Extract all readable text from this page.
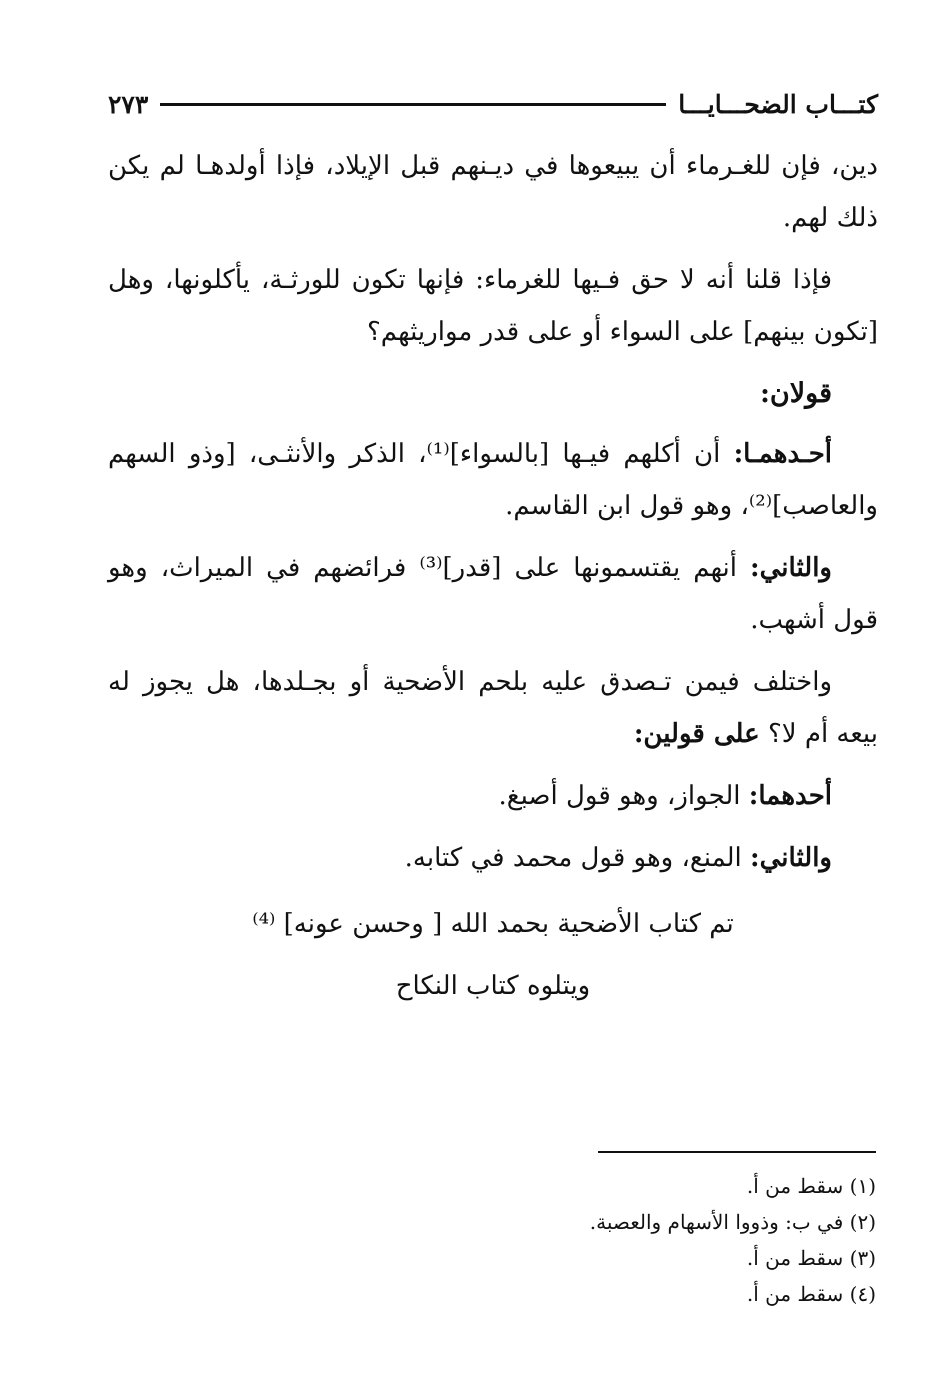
كتـــاب الضحـــايـــا
٢٧٣

دين، فإن للغـرماء أن يبيعوها في ديـنهم قبل الإيلاد، فإذا أولدهـا لم يكن ذلك لهم.

فإذا قلنا أنه لا حق فـيها للغرماء: فإنها تكون للورثـة، يأكلونها، وهل [تكون بينهم] على السواء أو على قدر مواريثهم؟

قولان:

أحـدهمـا: أن أكلهم فيـها [بالسواء]⁽¹⁾، الذكر والأنثـى، [وذو السهم والعاصب]⁽²⁾، وهو قول ابن القاسم.

والثاني: أنهم يقتسمونها على [قدر]⁽³⁾ فرائضهم في الميراث، وهو قول أشهب.

واختلف فيمن تـصدق عليه بلحم الأضحية أو بجـلدها، هل يجوز له بيعه أم لا؟ على قولين:

أحدهما: الجواز، وهو قول أصبغ.

والثاني: المنع، وهو قول محمد في كتابه.

تم كتاب الأضحية بحمد الله [ وحسن عونه] ⁽⁴⁾

ويتلوه كتاب النكاح

(١) سقط من أ.

(٢) في ب: وذووا الأسهام والعصبة.

(٣) سقط من أ.

(٤) سقط من أ.
